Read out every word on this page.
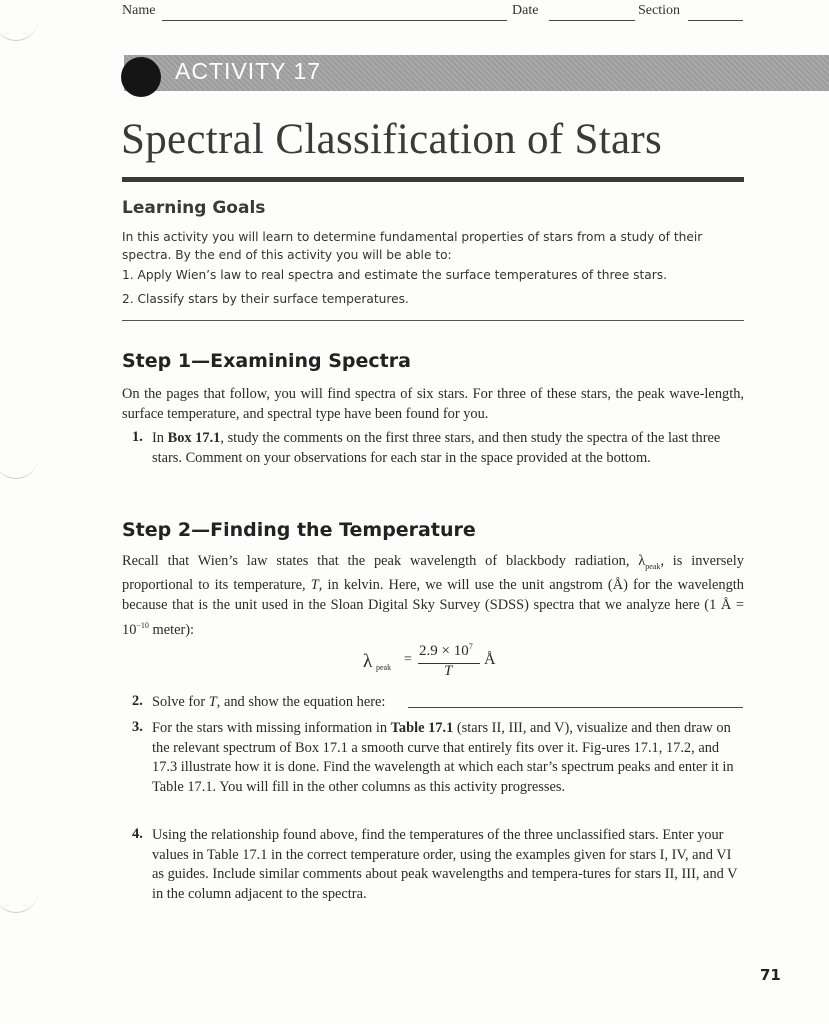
Name	Date	Section
ACTIVITY 17
Spectral Classification of Stars
Learning Goals
In this activity you will learn to determine fundamental properties of stars from a study of their spectra. By the end of this activity you will be able to:
1. Apply Wien’s law to real spectra and estimate the surface temperatures of three stars.
2. Classify stars by their surface temperatures.
Step 1—Examining Spectra
On the pages that follow, you will find spectra of six stars. For three of these stars, the peak wave-length, surface temperature, and spectral type have been found for you.
1. In Box 17.1, study the comments on the first three stars, and then study the spectra of the last three stars. Comment on your observations for each star in the space provided at the bottom.
Step 2—Finding the Temperature
Recall that Wien’s law states that the peak wavelength of blackbody radiation, $\lambda_{peak}$, is inversely proportional to its temperature, T, in kelvin. Here, we will use the unit angstrom (Å) for the wavelength because that is the unit used in the Sloan Digital Sky Survey (SDSS) spectra that we analyze here (1 Å = $10^{-10}$ meter):
λ peak
=
$2.9 \times 10^7$
T
Å
2. Solve for T, and show the equation here:
3. For the stars with missing information in Table 17.1 (stars II, III, and V), visualize and then draw on the relevant spectrum of Box 17.1 a smooth curve that entirely fits over it. Fig-ures 17.1, 17.2, and 17.3 illustrate how it is done. Find the wavelength at which each star’s spectrum peaks and enter it in Table 17.1. You will fill in the other columns as this activity progresses.
4. Using the relationship found above, find the temperatures of the three unclassified stars. Enter your values in Table 17.1 in the correct temperature order, using the examples given for stars I, IV, and VI as guides. Include similar comments about peak wavelengths and tempera-tures for stars II, III, and V in the column adjacent to the spectra.
71
